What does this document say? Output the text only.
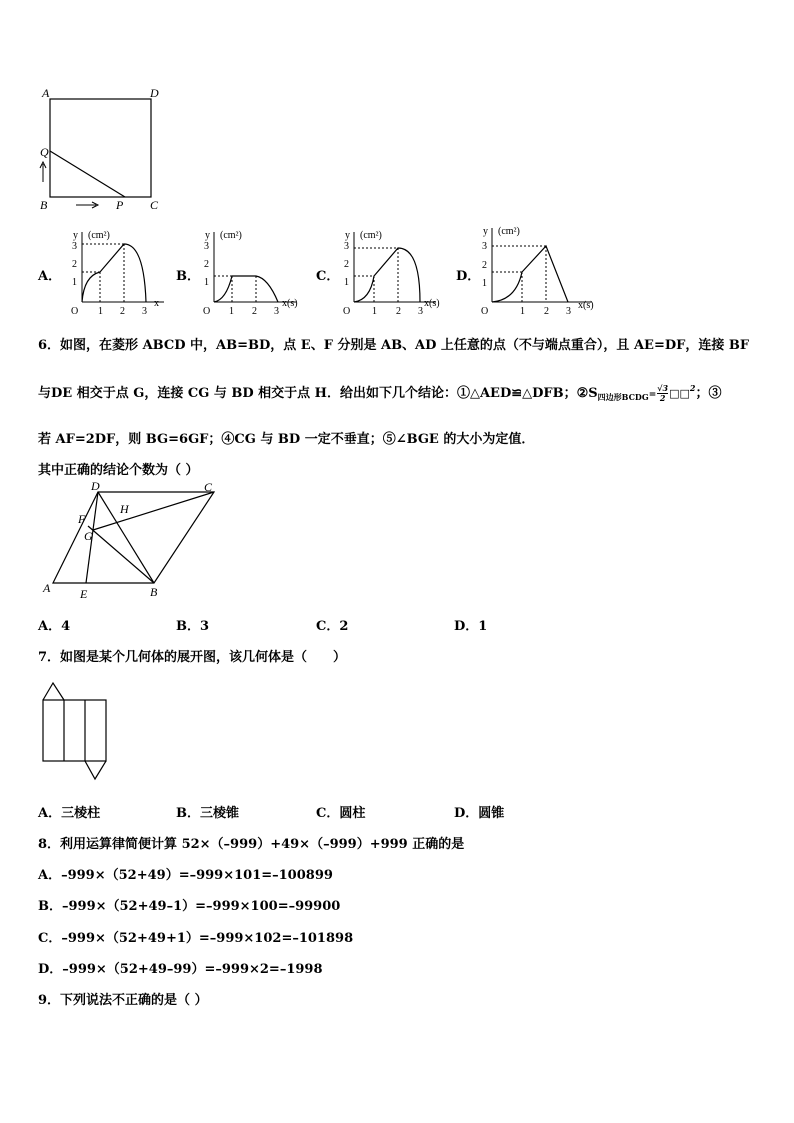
A	D
Q
B	P C
A．
y (cm²)
3
2
1
O 1 2 3
x
B．
y (cm²)
3
2
1
O 1 2 3
x(s)
C．
y (cm²)
3
2
1
O 1 2 3
x(s)
D．
y (cm²)
3
2
1
O	1 2 3
x(s)
6．如图，在菱形 ABCD 中，AB=BD，点 E、F 分别是 AB、AD 上任意的点（不与端点重合），且 AE=DF，连接 BF
与DE 相交于点 G，连接 CG 与 BD 相交于点 H．给出如下几个结论：①△AED≌△DFB；$②S_{四边形BCDG}= \frac{√3}{2}$ □□$^2$；③
若 AF=2DF，则 BG=6GF；④CG 与 BD 一定不垂直；⑤∠BGE 的大小为定值．
其中正确的结论个数为（ ）
D	C
F
H
G
A E	B
A．4	B．3	C．2	D．1
7．如图是某个几何体的展开图，该几何体是（　　）
A．三棱柱	B．三棱锥	C．圆柱	D．圆锥
8．利用运算律简便计算 52×（–999）+49×（–999）+999 正确的是
A．–999×（52+49）=–999×101=–100899
B．–999×（52+49–1）=–999×100=–99900
C．–999×（52+49+1）=–999×102=–101898
D．–999×（52+49–99）=–999×2=–1998
9．下列说法不正确的是（ ）
